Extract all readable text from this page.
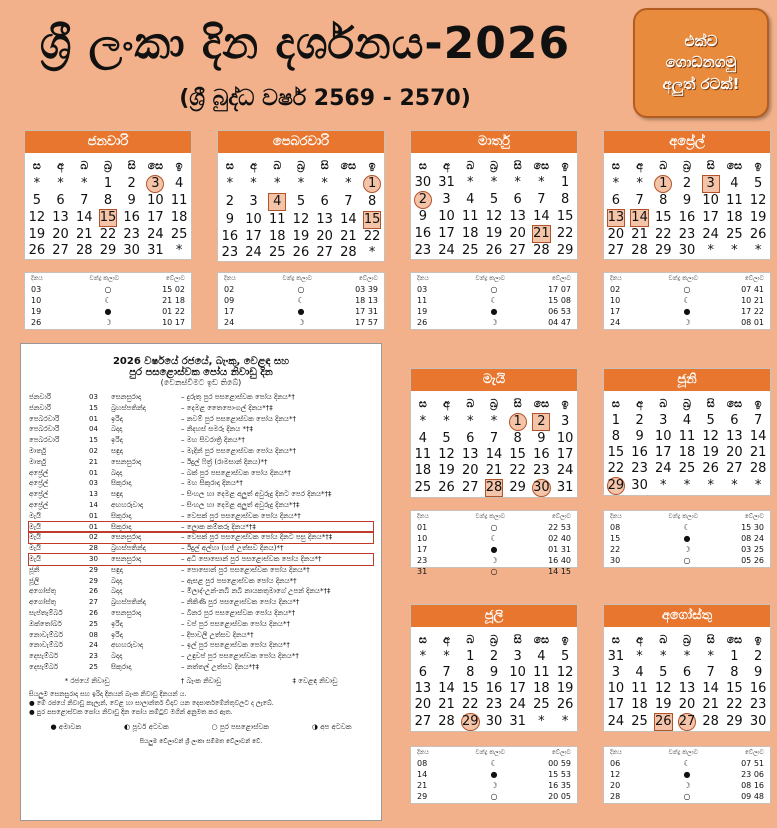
ශ්‍රී ලංකා දින දර්ශනය-2026
(ශ්‍රී බුද්ධ වර්ෂ 2569 - 2570)
එක්ව
ගොඩනගමු
අලුත් රටක්!
ජනවාරි
ස	අ	බ	බ්‍ර	සි	සෙ	ඉ
*	*	*	1	2	3	4
5	6	7	8	9	10	11
12	13	14	15	16	17	18
19	20	21	22	23	24	25
26	27	28	29	30	31	*
දිනය	චන්ද්‍ර කලාව	වේලාව
03	○	15 02
10	☾	21 18
19	●	01 22
26	☽	10 17
පෙබරවාරි
ස	අ	බ	බ්‍ර	සි	සෙ	ඉ
*	*	*	*	*	*	1
2	3	4	5	6	7	8
9	10	11	12	13	14	15
16	17	18	19	20	21	22
23	24	25	26	27	28	*
දිනය	චන්ද්‍ර කලාව	වේලාව
02	○	03 39
09	☾	18 13
17	●	17 31
24	☽	17 57
මාර්තු
ස	අ	බ	බ්‍ර	සි	සෙ	ඉ
30	31	*	*	*	*	1
2	3	4	5	6	7	8
9	10	11	12	13	14	15
16	17	18	19	20	21	22
23	24	25	26	27	28	29
දිනය	චන්ද්‍ර කලාව	වේලාව
03	○	17 07
11	☾	15 08
19	●	06 53
26	☽	04 47
අප්‍රේල්
ස	අ	බ	බ්‍ර	සි	සෙ	ඉ
*	*	1	2	3	4	5
6	7	8	9	10	11	12
13	14	15	16	17	18	19
20	21	22	23	24	25	26
27	28	29	30	*	*	*
දිනය	චන්ද්‍ර කලාව	වේලාව
02	○	07 41
10	☾	10 21
17	●	17 22
24	☽	08 01
මැයි
ස	අ	බ	බ්‍ර	සි	සෙ	ඉ
*	*	*	*	1	2	3
4	5	6	7	8	9	10
11	12	13	14	15	16	17
18	19	20	21	22	23	24
25	26	27	28	29	30	31
දිනය	චන්ද්‍ර කලාව	වේලාව
01	○	22 53
10	☾	02 40
17	●	01 31
23	☽	16 40
31	○	14 15
ජූනි
ස	අ	බ	බ්‍ර	සි	සෙ	ඉ
1	2	3	4	5	6	7
8	9	10	11	12	13	14
15	16	17	18	19	20	21
22	23	24	25	26	27	28
29	30	*	*	*	*	*
දිනය	චන්ද්‍ර කලාව	වේලාව
08	☾	15 30
15	●	08 24
22	☽	03 25
30	○	05 26
ජූලි
ස	අ	බ	බ්‍ර	සි	සෙ	ඉ
*	*	1	2	3	4	5
6	7	8	9	10	11	12
13	14	15	16	17	18	19
20	21	22	23	24	25	26
27	28	29	30	31	*	*
දිනය	චන්ද්‍ර කලාව	වේලාව
08	☾	00 59
14	●	15 53
21	☽	16 35
29	○	20 05
අගෝස්තු
ස	අ	බ	බ්‍ර	සි	සෙ	ඉ
31	*	*	*	*	1	2
3	4	5	6	7	8	9
10	11	12	13	14	15	16
17	18	19	20	21	22	23
24	25	26	27	28	29	30
දිනය	චන්ද්‍ර කලාව	වේලාව
06	☾	07 51
12	●	23 06
20	☽	08 16
28	○	09 48
2026 වර්ෂයේ රජයේ, බැංකු, වෙළඳ සහ
පුර පසළොස්වක පෝය නිවාඩු දින
(වෙනස්විමට ඉඩ තිබේ)
ජනවාරි	03	සෙනසුරාදා	– දුරුතු පුර පසළොස්වක පෝය දිනය*†
ජනවාරි	15	බ්‍රහස්පතින්දා	– දෙමළ තෛපොංගල් දිනය*†‡
පෙබරවාරි	01	ඉරිදා	– නවම් පුර පසළොස්වක පෝය දිනය*†
පෙබරවාරි	04	බදාදා	– නිදහස් සමරු දිනය *†‡
පෙබරවාරි	15	ඉරිදා	– මහ සිවරාත්‍රි දිනය*†
මාර්තු	02	සඳුදා	– මැදින් පුර පසළොස්වක පෝය දිනය*†
මාර්තු	21	සෙනසුරාදා	– ඊදුල් ෆිත්‍ර් (රාමසාන් දිනය)*†
අප්‍රේල්	01	බදාදා	– බක් පුර පසළොස්වක පෝය දිනය*†
අප්‍රේල්	03	සිකුරාදා	– මහ සිකුරාදා දිනය*†
අප්‍රේල්	13	සඳුදා	– සිංහල හා දෙමළ අලුත් අවුරුදු දිනට පෙර දිනය*†‡
අප්‍රේල්	14	අඟහරුවාදා	– සිංහල හා දෙමළ අලුත් අවුරුදු දිනය*†‡
මැයි	01	සිකුරාදා	– වෙසක් පුර පසළොස්වක පෝය දිනය*†
මැයි	01	සිකුරාදා	– ලොක කම්කරු දිනය*†‡
මැයි	02	සෙනසුරාදා	– වෙසක් පුර පසළොස්වක පෝය දිනට පසු දිනය*†‡
මැයි	28	බ්‍රහස්පතින්දා	– ඊදුල් අල්හා (හජ් උත්සව දිනය)*†
මැයි	30	සෙනසුරාදා	– අධි පොසොන් පුර පසළොස්වක පෝය දිනය*†
ජූනි	29	සඳුදා	– පොසොන් පුර පසළොස්වක පෝය දිනය*†
ජූලි	29	බදාදා	– ඇසළ පුර පසළොස්වක පෝය දිනය*†
අගෝස්තු	26	බදාදා	– මිලාද්-උන්-නබි නබි නායකතුමාගේ උපන් දිනය*†‡
අගෝස්තු	27	බ්‍රහස්පතින්දා	– නිකිණි පුර පසළොස්වක පෝය දිනය*†
සැප්තැම්බර්	26	සෙනසුරාදා	– බිනර පුර පසළොස්වක පෝය දිනය*†
ඔක්තෝබර්	25	ඉරිදා	– වප් පුර පසළොස්වක පෝය දිනය*†
නොවැම්බර්	08	ඉරිදා	– දීපාවලි උත්සව දිනය*†
නොවැම්බර්	24	අඟහරුවාදා	– ඉල් පුර පසළොස්වක පෝය දිනය*†
දෙසැම්බර්	23	බදාදා	– උඳුවප් පුර පසළොස්වක පෝය දිනය*†
දෙසැම්බර්	25	සිකුරාදා	– නත්තල් උත්සව දිනය*†‡
* රජයේ නිවාඩු	† බැංක නිවාඩු	‡ වෙළඳ නිවාඩු
සියලුම සෙනසුරාදා සහ ඉරිදා දිනයන් බැංක නිවාඩු දිනයන් ය.
● මේ රජයේ නිවාඩු කැලැන්, වෙළ හා සාලාන්තර් චිදාව යන දෙපාර්තමේන්තුවලට ද ලැබේ.
● පුර පසළොස්වක පෝය නිවාඩු දින පෝය කම්ටුව මගින් අනුමත කර ඇත.
● අමාවක	◐ පූර්ව අටවක	○ පුර පසළොස්වක	◑ අප අටවක
සියලුම වේලාවන් ශ්‍රී ලංකා සම්මත වේලාවන් වේ.
